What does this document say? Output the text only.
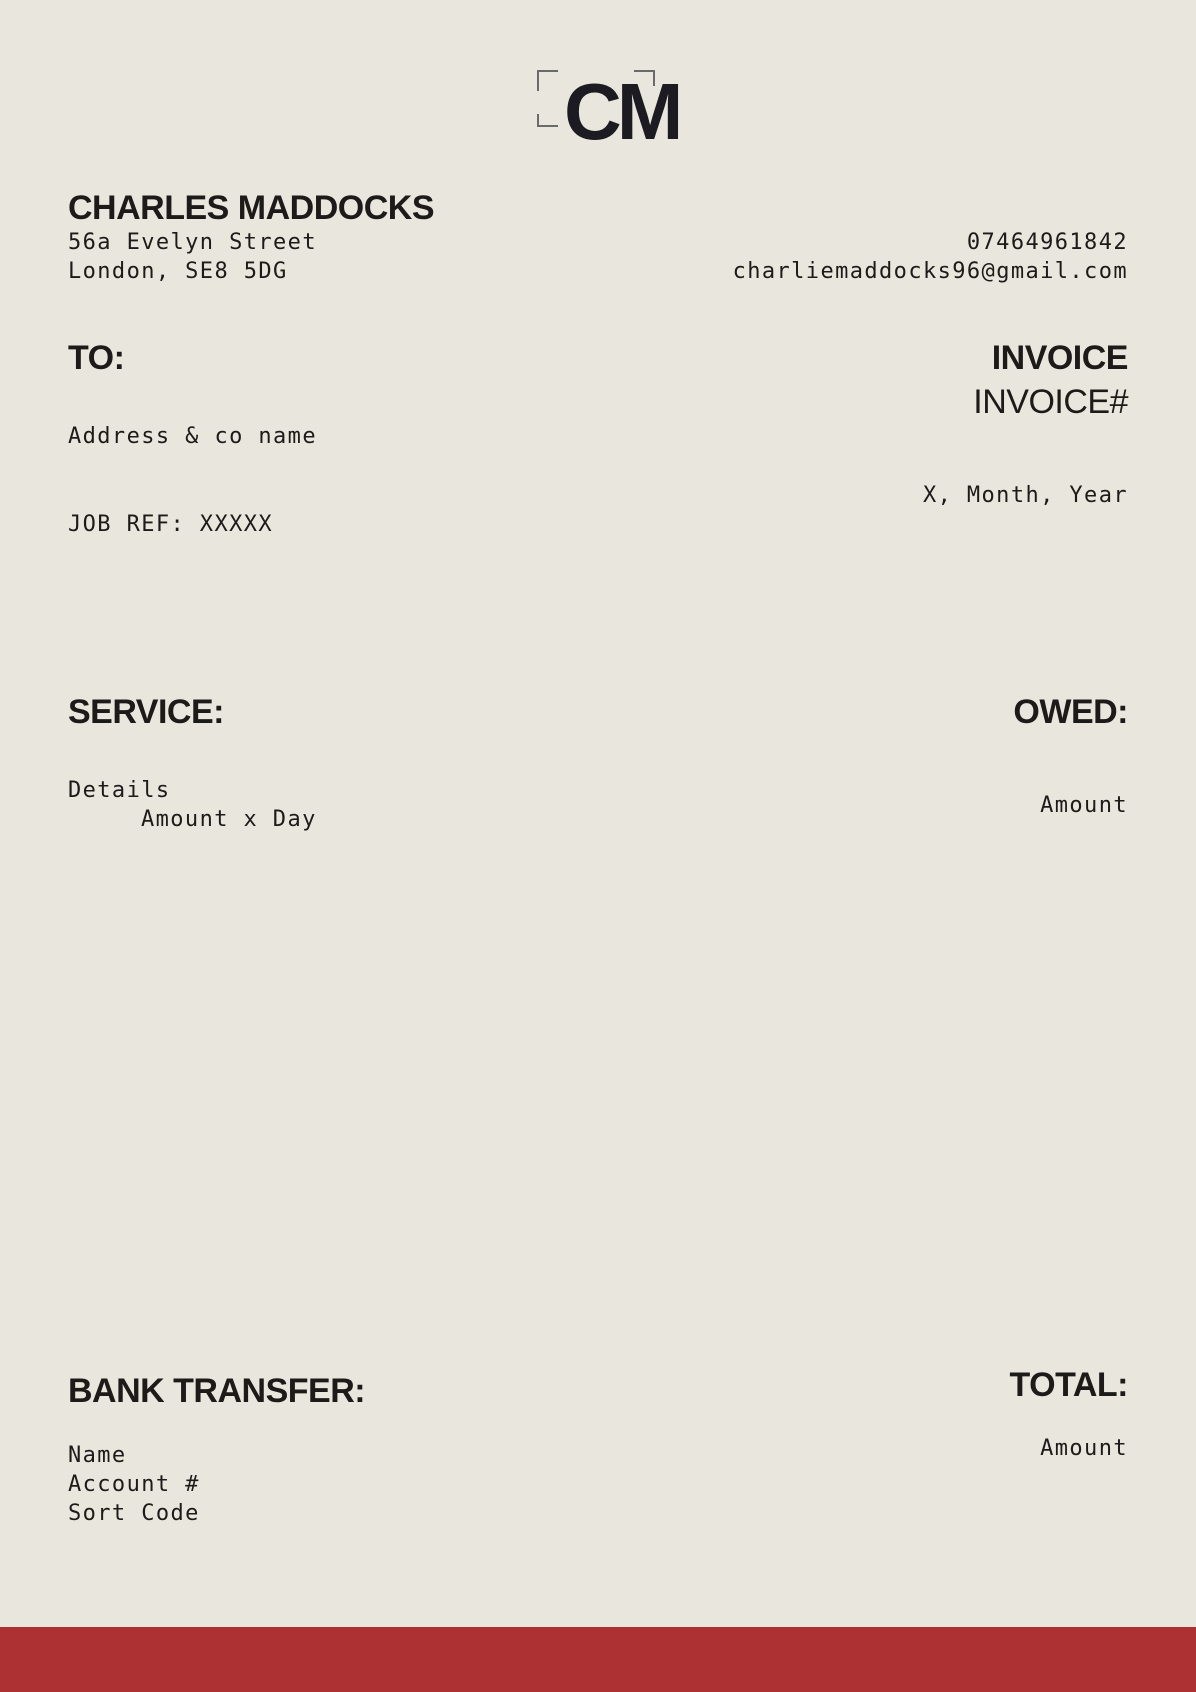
CM
CHARLES MADDOCKS
56a Evelyn Street
London, SE8 5DG
07464961842
charliemaddocks96@gmail.com
TO:
Address & co name
JOB REF: XXXXX
INVOICE
INVOICE#
X, Month, Year
SERVICE:
Details
Amount x Day
OWED:
Amount
BANK TRANSFER:
Name
Account #
Sort Code
TOTAL:
Amount
